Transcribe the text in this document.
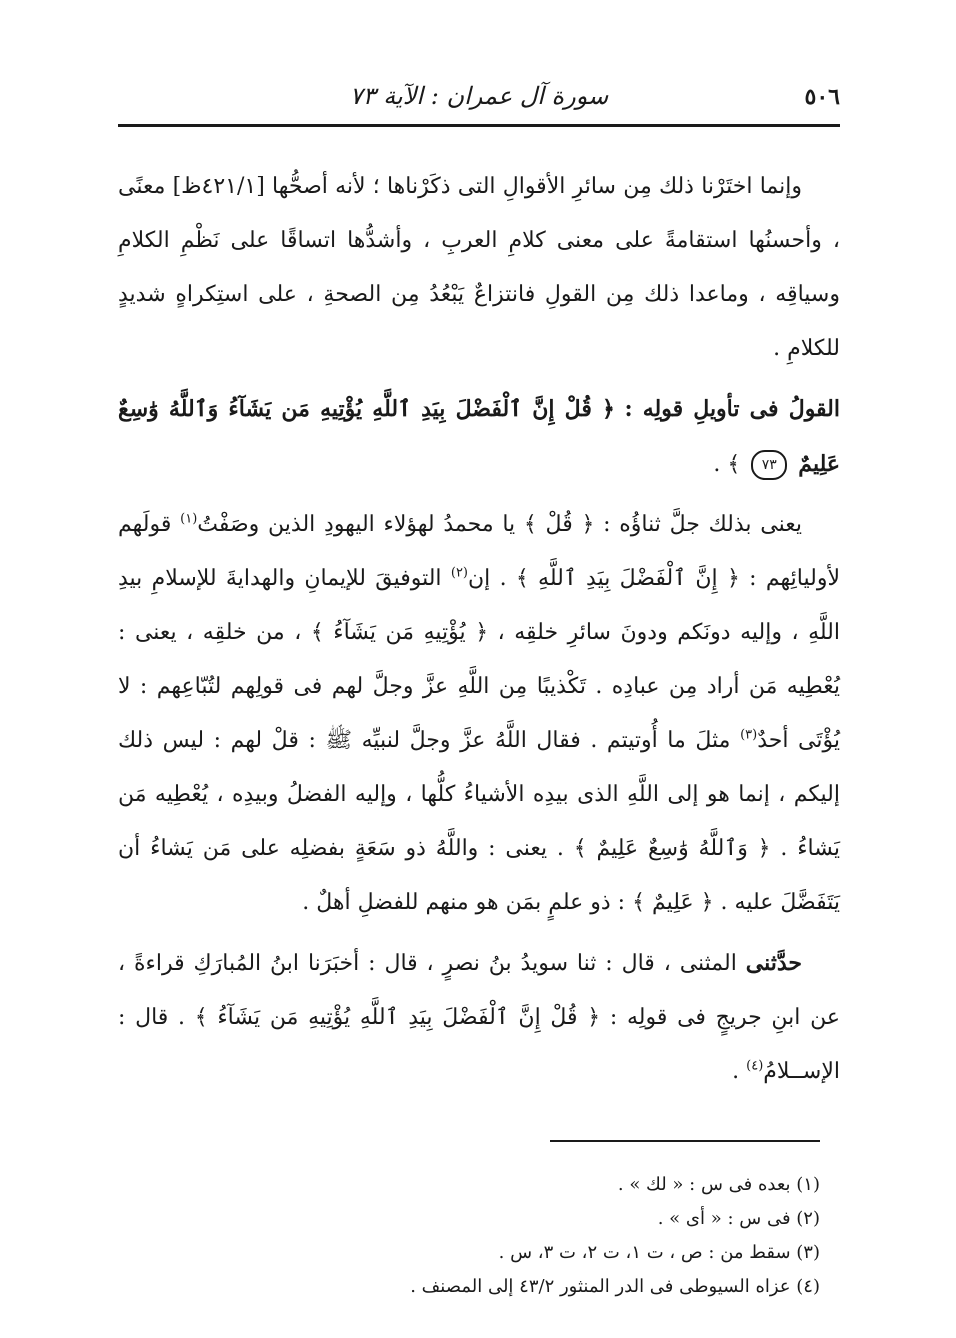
٥٠٦
سورة آل عمران : الآية ٧٣

وإنما اختَرْنا ذلك مِن سائرِ الأقوالِ التى ذكَرْناها ؛ لأنه أصحُّها [٤٢١/١ظ] معنًى ، وأحسنُها استقامةً على معنى كلامِ العربِ ، وأشدُّها اتساقًا على نَظْمِ الكلامِ وسياقِه ، وماعدا ذلك مِن القولِ فانتزاعٌ يَبْعُدُ مِن الصحةِ ، على استِكراهٍ شديدٍ للكلامِ .

القولُ فى تأويلِ قولِه : ﴿ قُلْ إِنَّ ٱلْفَضْلَ بِيَدِ ٱللَّهِ يُؤْتِيهِ مَن يَشَآءُ وَٱللَّهُ وَٰسِعٌ عَلِيمٌ ٧٣ ﴾ .

يعنى بذلك جلَّ ثناؤُه : ﴿ قُلْ ﴾ يا محمدُ لهؤلاء اليهودِ الذين وصَفْتُ$^{(١)}$ قولَهم لأوليائِهم : ﴿ إِنَّ ٱلْفَضْلَ بِيَدِ ٱللَّهِ ﴾ . إن$^{(٢)}$ التوفيقَ للإيمانِ والهدايةَ للإسلامِ بيدِ اللَّهِ ، وإليه دونَكم ودونَ سائرِ خلقِه ، ﴿ يُؤْتِيهِ مَن يَشَآءُ ﴾ ، من خلقِه ، يعنى : يُعْطِيه مَن أراد مِن عبادِه . تَكْذيبًا مِن اللَّهِ عزَّ وجلَّ لهم فى قولِهم لتُبّاعِهم : لا يُؤْتَى أحدٌ$^{(٣)}$ مثلَ ما أُوتيتم . فقال اللَّهُ عزَّ وجلَّ لنبيِّه ﷺ : قلْ لهم : ليس ذلك إليكم ، إنما هو إلى اللَّهِ الذى بيدِه الأشياءُ كلُّها ، وإليه الفضلُ وبيدِه ، يُعْطِيه مَن يَشاءُ . ﴿ وَٱللَّهُ وَٰسِعٌ عَلِيمٌ ﴾ . يعنى : واللَّهُ ذو سَعَةٍ بفضلِه على مَن يَشاءُ أن يَتَفَضَّلَ عليه . ﴿ عَلِيمٌ ﴾ : ذو علمٍ بمَن هو منهم للفضلِ أهلٌ .

حدَّثنى المثنى ، قال : ثنا سويدُ بنُ نصرٍ ، قال : أخبَرَنا ابنُ المُبارَكِ قراءةً ، عن ابنِ جريجٍ فى قولِه : ﴿ قُلْ إِنَّ ٱلْفَضْلَ بِيَدِ ٱللَّهِ يُؤْتِيهِ مَن يَشَآءُ ﴾ . قال : الإســلامُ$^{(٤)}$ .

(١) بعده فى س : « لك » .

(٢) فى س : « أى » .

(٣) سقط من : ص ، ت ١، ت ٢، ت ٣، س .

(٤) عزاه السيوطى فى الدر المنثور ٤٣/٢ إلى المصنف .
